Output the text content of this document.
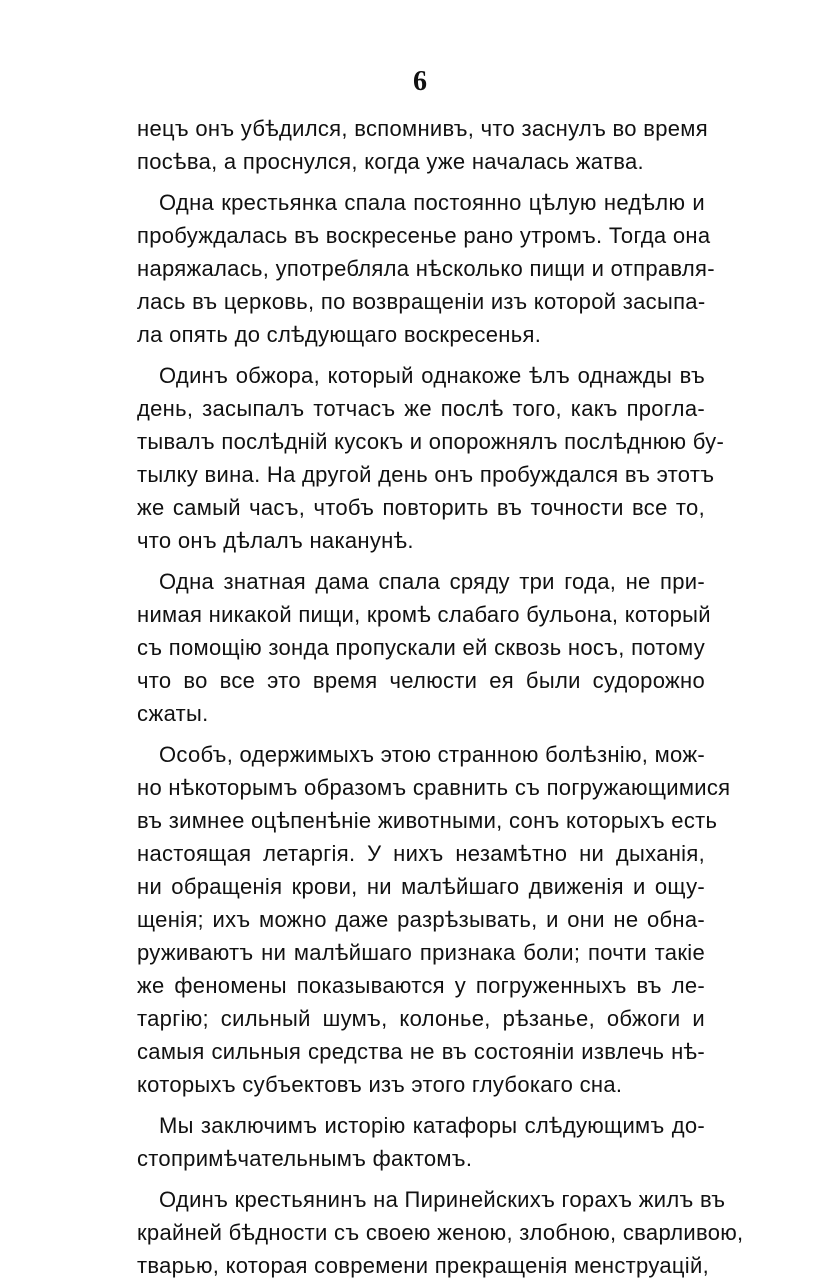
6
нецъ онъ убѣдился, вспомнивъ, что заснулъ во время
посѣва, а проснулся, когда уже началась жатва.
Одна крестьянка спала постоянно цѣлую недѣлю и
пробуждалась въ воскресенье рано утромъ. Тогда она
наряжалась, употребляла нѣсколько пищи и отправля-
лась въ церковь, по возвращеніи изъ которой засыпа-
ла опять до слѣдующаго воскресенья.
Одинъ обжора, который однакоже ѣлъ однажды въ
день, засыпалъ тотчасъ же послѣ того, какъ прогла-
тывалъ послѣдній кусокъ и опорожнялъ послѣднюю бу-
тылку вина. На другой день онъ пробуждался въ этотъ
же самый часъ, чтобъ повторить въ точности все то,
что онъ дѣлалъ наканунѣ.
Одна знатная дама спала сряду три года, не при-
нимая никакой пищи, кромѣ слабаго бульона, который
съ помощію зонда пропускали ей сквозь носъ, потому
что во все это время челюсти ея были судорожно
сжаты.
Особъ, одержимыхъ этою странною болѣзнію, мож-
но нѣкоторымъ образомъ сравнить съ погружающимися
въ зимнее оцѣпенѣніе животными, сонъ которыхъ есть
настоящая летаргія. У нихъ незамѣтно ни дыханія,
ни обращенія крови, ни малѣйшаго движенія и ощу-
щенія; ихъ можно даже разрѣзывать, и они не обна-
руживаютъ ни малѣйшаго признака боли; почти такіе
же феномены показываются у погруженныхъ въ ле-
таргію; сильный шумъ, колонье, рѣзанье, обжоги и
самыя сильныя средства не въ состояніи извлечь нѣ-
которыхъ субъектовъ изъ этого глубокаго сна.
Мы заключимъ исторію катафоры слѣдующимъ до-
стопримѣчательнымъ фактомъ.
Одинъ крестьянинъ на Пиринейскихъ горахъ жилъ въ
крайней бѣдности съ своею женою, злобною, сварливою,
тварью, которая современи прекращенія менструацій,
